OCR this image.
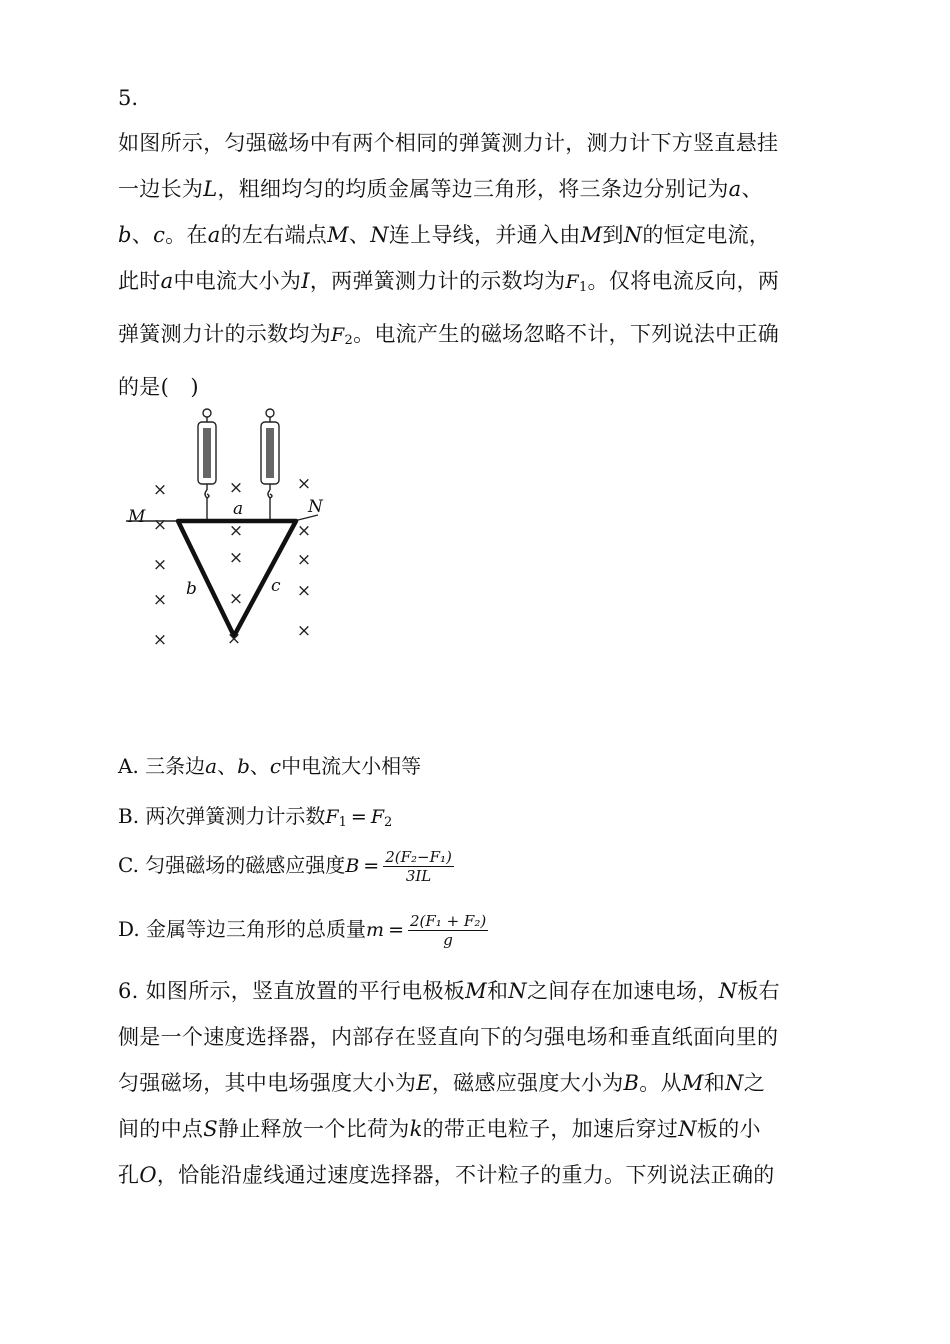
5.
如图所示，匀强磁场中有两个相同的弹簧测力计，测力计下方竖直悬挂
一边长为L，粗细均匀的均质金属等边三角形，将三条边分别记为a、
b、c。在a的左右端点M、N连上导线，并通入由M到N的恒定电流，
此时a中电流大小为I，两弹簧测力计的示数均为$F_1$。仅将电流反向，两
弹簧测力计的示数均为$F_2$。电流产生的磁场忽略不计，下列说法中正确
的是(　)
×	×	×
×	×
×	×	×
×	×	×
×	×
×
×
M	N
a
b	c
A. 三条边a、b、c中电流大小相等
B. 两次弹簧测力计示数$F_1 = F_2$
C. 匀强磁场的磁感应强度$B = \frac{\text{2(F₂−F₁)}}{3IL}$
D. 金属等边三角形的总质量$m = \frac{\text{2(F₁ + F₂)}}{g}$
6. 如图所示，竖直放置的平行电极板M和N之间存在加速电场，N板右
侧是一个速度选择器，内部存在竖直向下的匀强电场和垂直纸面向里的
匀强磁场，其中电场强度大小为E，磁感应强度大小为B。从M和N之
间的中点S静止释放一个比荷为k的带正电粒子，加速后穿过N板的小
孔O，恰能沿虚线通过速度选择器，不计粒子的重力。下列说法正确的
